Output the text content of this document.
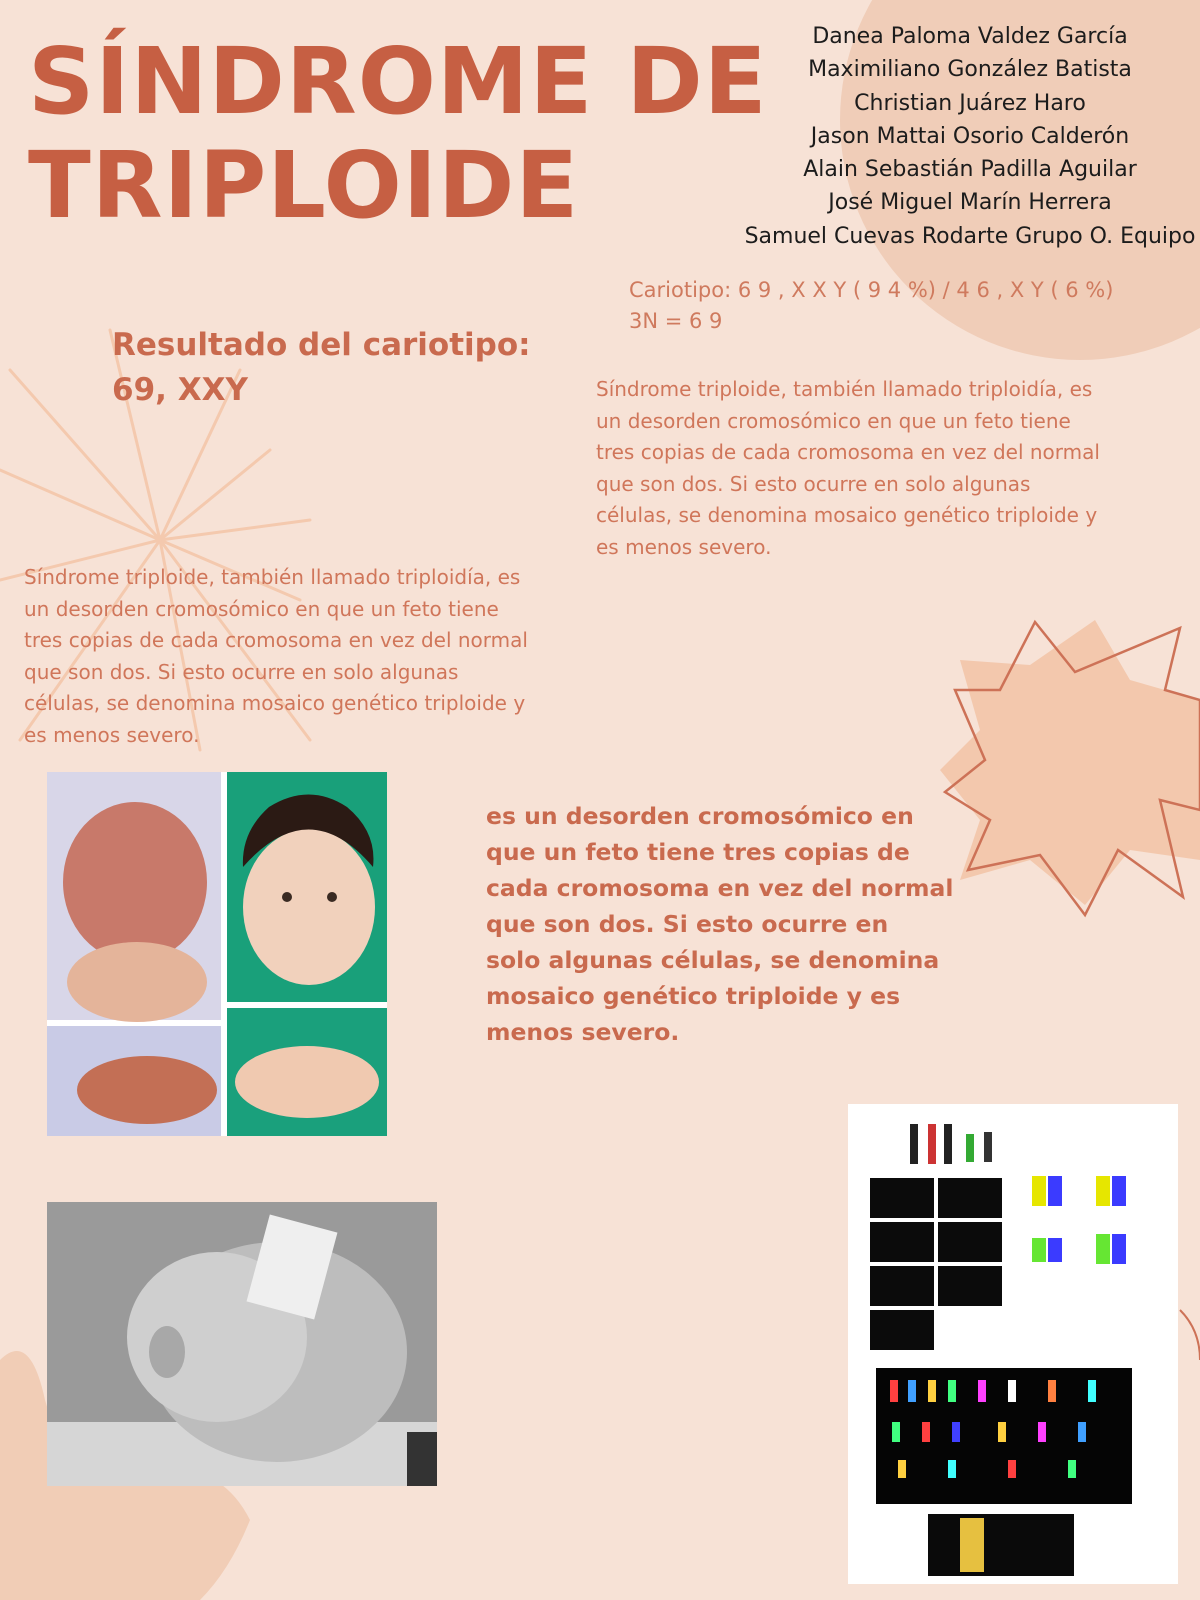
SÍNDROME DE
TRIPLOIDE
Danea Paloma Valdez García
Maximiliano González Batista
Christian Juárez Haro
Jason Mattai Osorio Calderón
Alain Sebastián Padilla Aguilar
José Miguel Marín Herrera
Samuel Cuevas Rodarte Grupo O. Equipo
Cariotipo: 6 9 , X X Y ( 9 4 %) / 4 6 , X Y ( 6 %)
3N = 6 9
Resultado del cariotipo:
69, XXY	Síndrome triploide, también llamado triploidía, es
un desorden cromosómico en que un feto tiene
tres copias de cada cromosoma en vez del normal
que son dos. Si esto ocurre en solo algunas
células, se denomina mosaico genético triploide y
es menos severo.
Síndrome triploide, también llamado triploidía, es
un desorden cromosómico en que un feto tiene
tres copias de cada cromosoma en vez del normal
que son dos. Si esto ocurre en solo algunas
células, se denomina mosaico genético triploide y
es menos severo.
es un desorden cromosómico en
que un feto tiene tres copias de
cada cromosoma en vez del normal
que son dos. Si esto ocurre en
solo algunas células, se denomina
mosaico genético triploide y es
menos severo.
